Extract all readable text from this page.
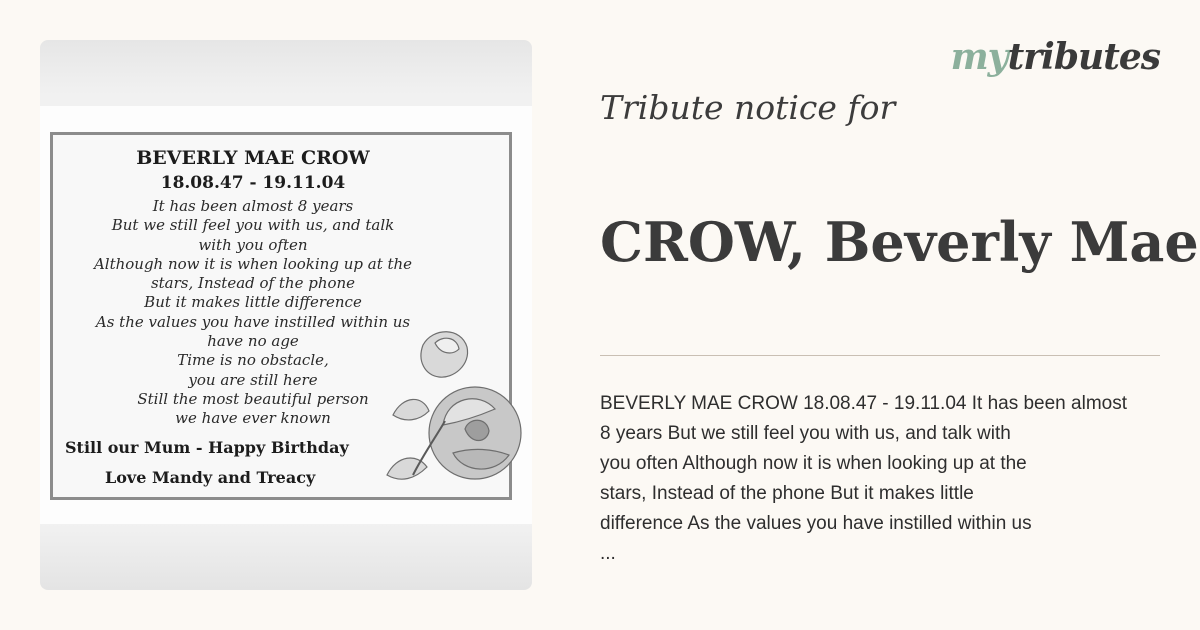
BEVERLY MAE CROW
18.08.47 - 19.11.04
It has been almost 8 years
But we still feel you with us, and talk
with you often
Although now it is when looking up at the
stars, Instead of the phone
But it makes little difference
As the values you have instilled within us
have no age
Time is no obstacle,
you are still here
Still the most beautiful person
we have ever known
Still our Mum - Happy Birthday
Love Mandy and Treacy
mytributes
Tribute notice for
CROW, Beverly Mae
BEVERLY MAE CROW 18.08.47 - 19.11.04 It has been almost
8 years But we still feel you with us, and talk with
you often Although now it is when looking up at the
stars, Instead of the phone But it makes little
difference As the values you have instilled within us
...
